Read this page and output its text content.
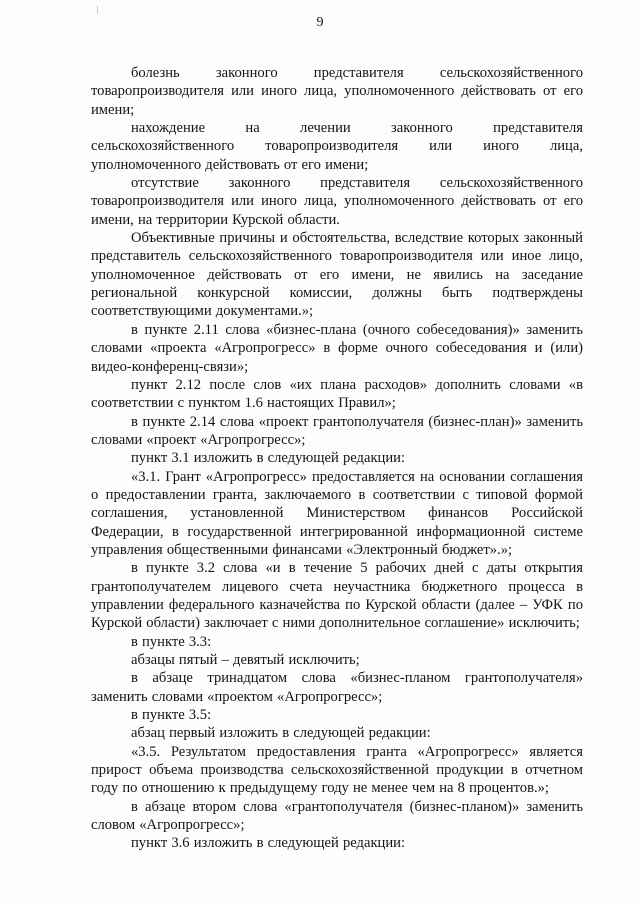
9

болезнь законного представителя сельскохозяйственного товаропроизводителя или иного лица, уполномоченного действовать от его имени;

нахождение на лечении законного представителя сельскохозяйственного товаропроизводителя или иного лица, уполномоченного действовать от его имени;

отсутствие законного представителя сельскохозяйственного товаропроизводителя или иного лица, уполномоченного действовать от его имени, на территории Курской области.

Объективные причины и обстоятельства, вследствие которых законный представитель сельскохозяйственного товаропроизводителя или иное лицо, уполномоченное действовать от его имени, не явились на заседание региональной конкурсной комиссии, должны быть подтверждены соответствующими документами.»;

в пункте 2.11 слова «бизнес-плана (очного собеседования)» заменить словами «проекта «Агропрогресс» в форме очного собеседования и (или) видео-конференц-связи»;

пункт 2.12 после слов «их плана расходов» дополнить словами «в соответствии с пунктом 1.6 настоящих Правил»;

в пункте 2.14 слова «проект грантополучателя (бизнес-план)» заменить словами «проект «Агропрогресс»;

пункт 3.1 изложить в следующей редакции:

«3.1. Грант «Агропрогресс» предоставляется на основании соглашения о предоставлении гранта, заключаемого в соответствии с типовой формой соглашения, установленной Министерством финансов Российской Федерации, в государственной интегрированной информационной системе управления общественными финансами «Электронный бюджет».»;

в пункте 3.2 слова «и в течение 5 рабочих дней с даты открытия грантополучателем лицевого счета неучастника бюджетного процесса в управлении федерального казначейства по Курской области (далее – УФК по Курской области) заключает с ними дополнительное соглашение» исключить;

в пункте 3.3:

абзацы пятый – девятый исключить;

в абзаце тринадцатом слова «бизнес-планом грантополучателя» заменить словами «проектом «Агропрогресс»;

в пункте 3.5:

абзац первый изложить в следующей редакции:

«3.5. Результатом предоставления гранта «Агропрогресс» является прирост объема производства сельскохозяйственной продукции в отчетном году по отношению к предыдущему году не менее чем на 8 процентов.»;

в абзаце втором слова «грантополучателя (бизнес-планом)» заменить словом «Агропрогресс»;

пункт 3.6 изложить в следующей редакции:
